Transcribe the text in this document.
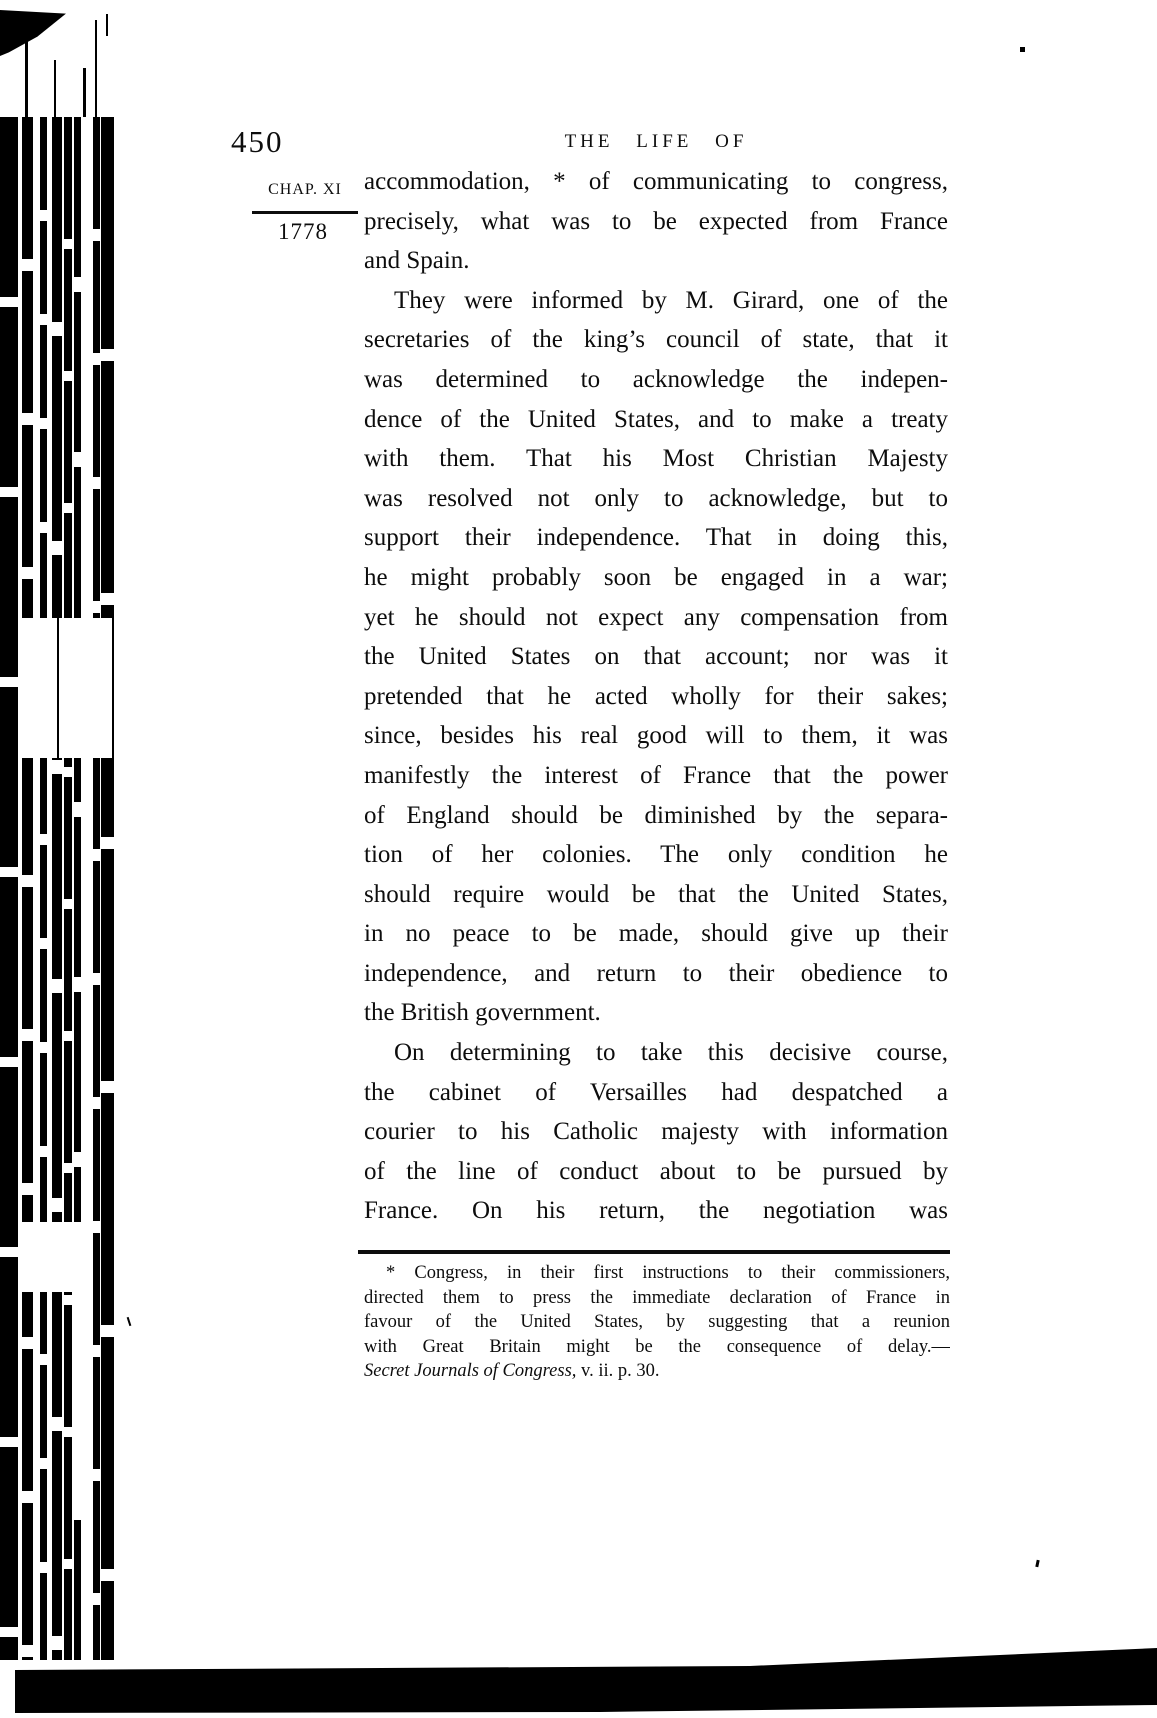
450	THE LIFE OF
CHAP. XI
1778
accommodation, * of communicating to congress,
precisely, what was to be expected from France
and Spain.
They were informed by M. Girard, one of the
secretaries of the king’s council of state, that it
was determined to acknowledge the indepen-
dence of the United States, and to make a treaty
with them. That his Most Christian Majesty
was resolved not only to acknowledge, but to
support their independence. That in doing this,
he might probably soon be engaged in a war;
yet he should not expect any compensation from
the United States on that account; nor was it
pretended that he acted wholly for their sakes;
since, besides his real good will to them, it was
manifestly the interest of France that the power
of England should be diminished by the separa-
tion of her colonies. The only condition he
should require would be that the United States,
in no peace to be made, should give up their
independence, and return to their obedience to
the British government.
On determining to take this decisive course,
the cabinet of Versailles had despatched a
courier to his Catholic majesty with information
of the line of conduct about to be pursued by
France. On his return, the negotiation was
* Congress, in their first instructions to their commissioners,
directed them to press the immediate declaration of France in
favour of the United States, by suggesting that a reunion
with Great Britain might be the consequence of delay.—
Secret Journals of Congress, v. ii. p. 30.
